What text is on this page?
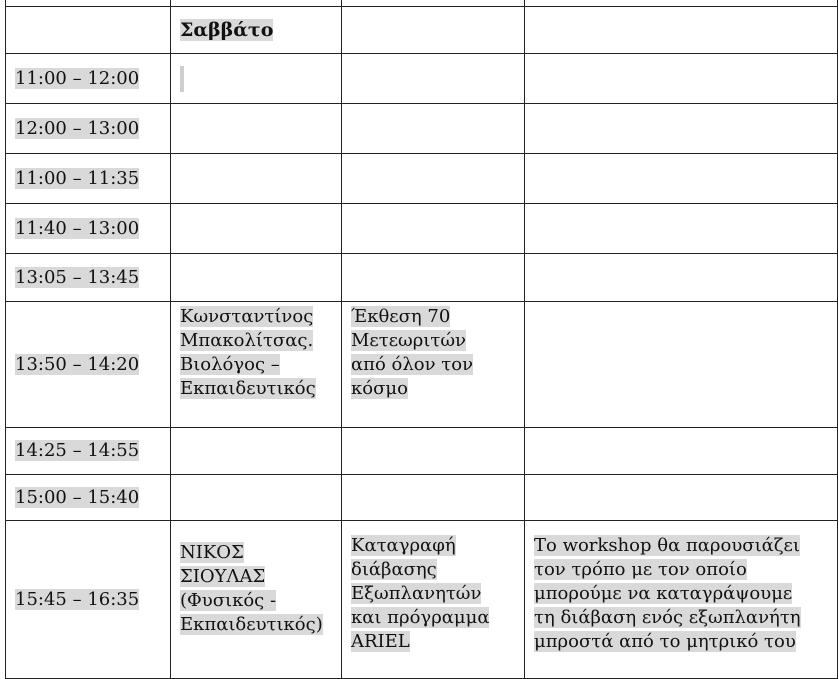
	Σαββάτο		

11:00 – 12:00			

12:00 – 13:00			

11:00 – 11:35			

11:40 – 13:00			

13:05 – 13:45			

13:50 – 14:20	Κωνσταντίνος
Μπακολίτσας.
Βιολόγος –
Εκπαιδευτικός	Έκθεση 70
Μετεωριτών
από όλον τον
κόσμο	

14:25 – 14:55			

15:00 – 15:40			

15:45 – 16:35	ΝΙΚΟΣ
ΣΙΟΥΛΑΣ
(Φυσικός -
Εκπαιδευτικός)	Καταγραφή
διάβασης
Εξωπλανητών
και πρόγραμμα
ARIEL	Το workshop θα παρουσιάζει
τον τρόπο με τον οποίο
μπορούμε να καταγράψουμε
τη διάβαση ενός εξωπλανήτη
μπροστά από το μητρικό του
